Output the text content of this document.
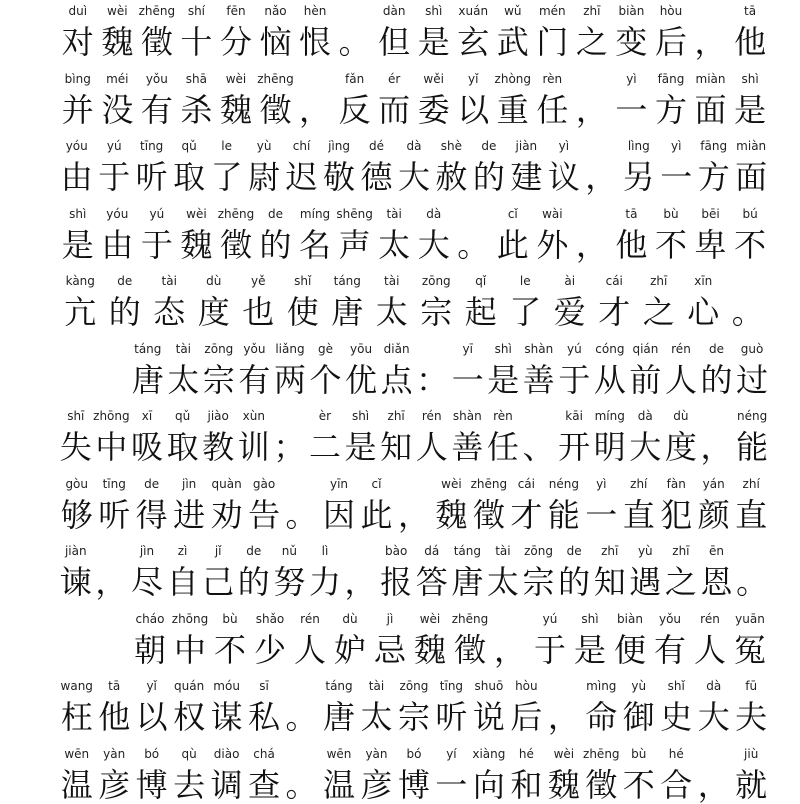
duì
对
wèi
魏
zhēng
徵
shí
十
fēn
分
nǎo
恼
hèn
恨 。
dàn
但
shì
是
xuán
玄
wǔ
武
mén
门
zhī
之
biàn
变
hòu
后 ，
tā
他
bìng
并
méi
没
yǒu
有
shā
杀
wèi
魏
zhēng
徵 ，
fǎn
反
ér
而
wěi
委
yǐ
以
zhòng
重
rèn
任 ，
yì
一
fāng
方
miàn
面
shì
是
yóu
由
yú
于
tīng
听
qǔ
取
le
了
yù
尉
chí
迟
jìng
敬
dé
德
dà
大
shè
赦
de
的
jiàn
建
yì
议 ，
lìng
另
yì
一
fāng
方
miàn
面
shì
是
yóu
由
yú
于
wèi
魏
zhēng
徵
de
的
míng
名
shēng
声
tài
太
dà
大 。
cǐ
此
wài
外 ，
tā
他
bù
不
bēi
卑
bú
不
kàng
亢
de
的
tài
态
dù
度
yě
也
shǐ
使
táng
唐
tài
太
zōng
宗
qǐ
起
le
了
ài
爱
cái
才
zhī
之
xīn
心 。
táng
唐
tài
太
zōng
宗
yǒu
有
liǎng
两
gè
个
yōu
优
diǎn
点 ：
yī
一
shì
是
shàn
善
yú
于
cóng
从
qián
前
rén
人
de
的
guò
过
shī
失
zhōng
中
xī
吸
qǔ
取
jiào
教
xùn
训 ；
èr
二
shì
是
zhī
知
rén
人
shàn
善
rèn
任 、
kāi
开
míng
明
dà
大
dù
度 ，
néng
能
gòu
够
tīng
听
de
得
jìn
进
quàn
劝
gào
告 。
yīn
因
cǐ
此 ，
wèi
魏
zhēng
徵
cái
才
néng
能
yì
一
zhí
直
fàn
犯
yán
颜
zhí
直
jiàn
谏 ，
jìn
尽
zì
自
jǐ
己
de
的
nǔ
努
lì
力 ，
bào
报
dá
答
táng
唐
tài
太
zōng
宗
de
的
zhī
知
yù
遇
zhī
之
ēn
恩 。
cháo
朝
zhōng
中
bù
不
shǎo
少
rén
人
dù
妒
jì
忌
wèi
魏
zhēng
徵 ，
yú
于
shì
是
biàn
便
yǒu
有
rén
人
yuān
冤
wang
枉
tā
他
yǐ
以
quán
权
móu
谋
sī
私 。
táng
唐
tài
太
zōng
宗
tīng
听
shuō
说
hòu
后 ，
mìng
命
yù
御
shǐ
史
dà
大
fū
夫
wēn
温
yàn
彦
bó
博
qù
去
diào
调
chá
查 。
wēn
温
yàn
彦
bó
博
yí
一
xiàng
向
hé
和
wèi
魏
zhēng
徵
bù
不
hé
合 ，
jiù
就
